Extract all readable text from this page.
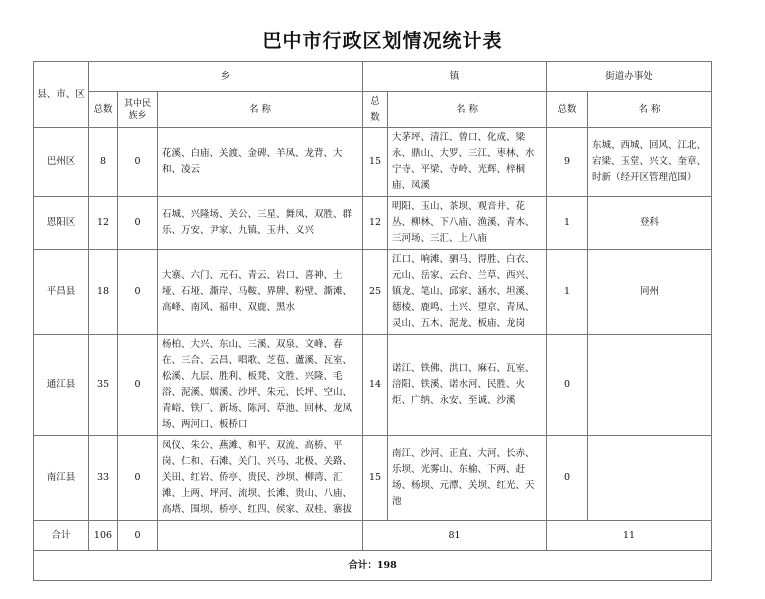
巴中市行政区划情况统计表
县、市、区	乡			镇		街道办事处	
	总数	其中民族乡	名 称	总数	名 称	总数	名 称
巴州区	8	0	花溪、白庙、关渡、金碑、羊凤、龙背、大和、凌云	15	大茅坪、清江、曾口、化成、梁永、鼎山、大罗、三江、枣林、水宁寺、平梁、寺岭、光辉、梓桐庙、凤溪	9	东城、西城、回风、江北、宕梁、玉堂、兴文、奎章、时新（经开区管理范围）
恩阳区	12	0	石城、兴隆场、关公、三星、舞凤、双胜、群乐、万安、尹家、九镇、玉井、义兴	12	明阳、玉山、茶坝、观音井、花丛、柳林、下八庙、渔溪、青木、三河场、三汇、上八庙	1	登科
平昌县	18	0	大寨、六门、元石、青云、岩口、喜神、土垭、石垭、澌岸、马鞍、界牌、粉壁、澌滩、高峰、南风、福申、双鹿、黑水	25	江口、响滩、驷马、得胜、白衣、元山、岳家、云台、兰草、西兴、镇龙、笔山、邱家、涵水、坦溪、德棱、鹿鸣、土兴、望京、青凤、灵山、五木、泥龙、板庙、龙岗	1	同州
通江县	35	0	杨柏、大兴、东山、三溪、双泉、文峰、春在、三合、云昌、唱歌、芝苞、蘆溪、瓦室、松溪、九层、胜利、板凳、文胜、兴隆、毛浴、泥溪、烟溪、沙坪、朱元、长坪、空山、青峪、铁厂、新场、陈河、草池、回林、龙凤场、两河口、板桥口	14	诺江、铁佛、洪口、麻石、瓦室、涪阳、铁溪、诺水河、民胜、火炬、广纳、永安、至诚、沙溪	0	
南江县	33	0	凤仪、朱公、燕滩、和平、双流、高桥、平岗、仁和、石滩、关门、兴马、北极、关路、关田、红岩、侨亭、贵民、沙坝、柳湾、汇滩、上两、坪河、流坝、长滩、贵山、八庙、高塔、围坝、桥亭、红四、侯家、双桂、寨拔	15	南江、沙河、正直、大河、长赤、乐坝、光雾山、东榆、下两、赶场、杨坝、元潭、关坝、红光、天池	0	
合计	106	0		81		11	
合计：198							
